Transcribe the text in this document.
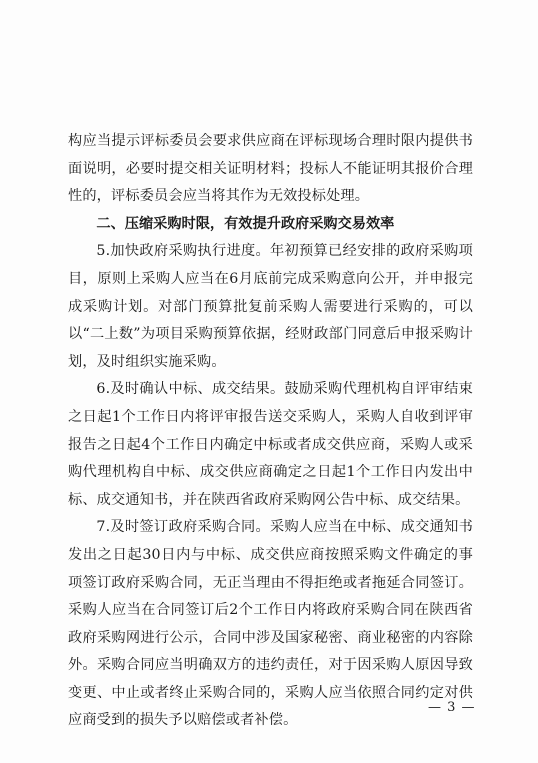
构应当提示评标委员会要求供应商在评标现场合理时限内提供书面说明，必要时提交相关证明材料；投标人不能证明其报价合理性的，评标委员会应当将其作为无效投标处理。

二、压缩采购时限，有效提升政府采购交易效率

5.加快政府采购执行进度。年初预算已经安排的政府采购项目，原则上采购人应当在6月底前完成采购意向公开，并申报完成采购计划。对部门预算批复前采购人需要进行采购的，可以以“二上数”为项目采购预算依据，经财政部门同意后申报采购计划，及时组织实施采购。

6.及时确认中标、成交结果。鼓励采购代理机构自评审结束之日起1个工作日内将评审报告送交采购人，采购人自收到评审报告之日起4个工作日内确定中标或者成交供应商，采购人或采购代理机构自中标、成交供应商确定之日起1个工作日内发出中标、成交通知书，并在陕西省政府采购网公告中标、成交结果。

7.及时签订政府采购合同。采购人应当在中标、成交通知书发出之日起30日内与中标、成交供应商按照采购文件确定的事项签订政府采购合同，无正当理由不得拒绝或者拖延合同签订。采购人应当在合同签订后2个工作日内将政府采购合同在陕西省政府采购网进行公示，合同中涉及国家秘密、商业秘密的内容除外。采购合同应当明确双方的违约责任，对于因采购人原因导致变更、中止或者终止采购合同的，采购人应当依照合同约定对供应商受到的损失予以赔偿或者补偿。

— 3 —
